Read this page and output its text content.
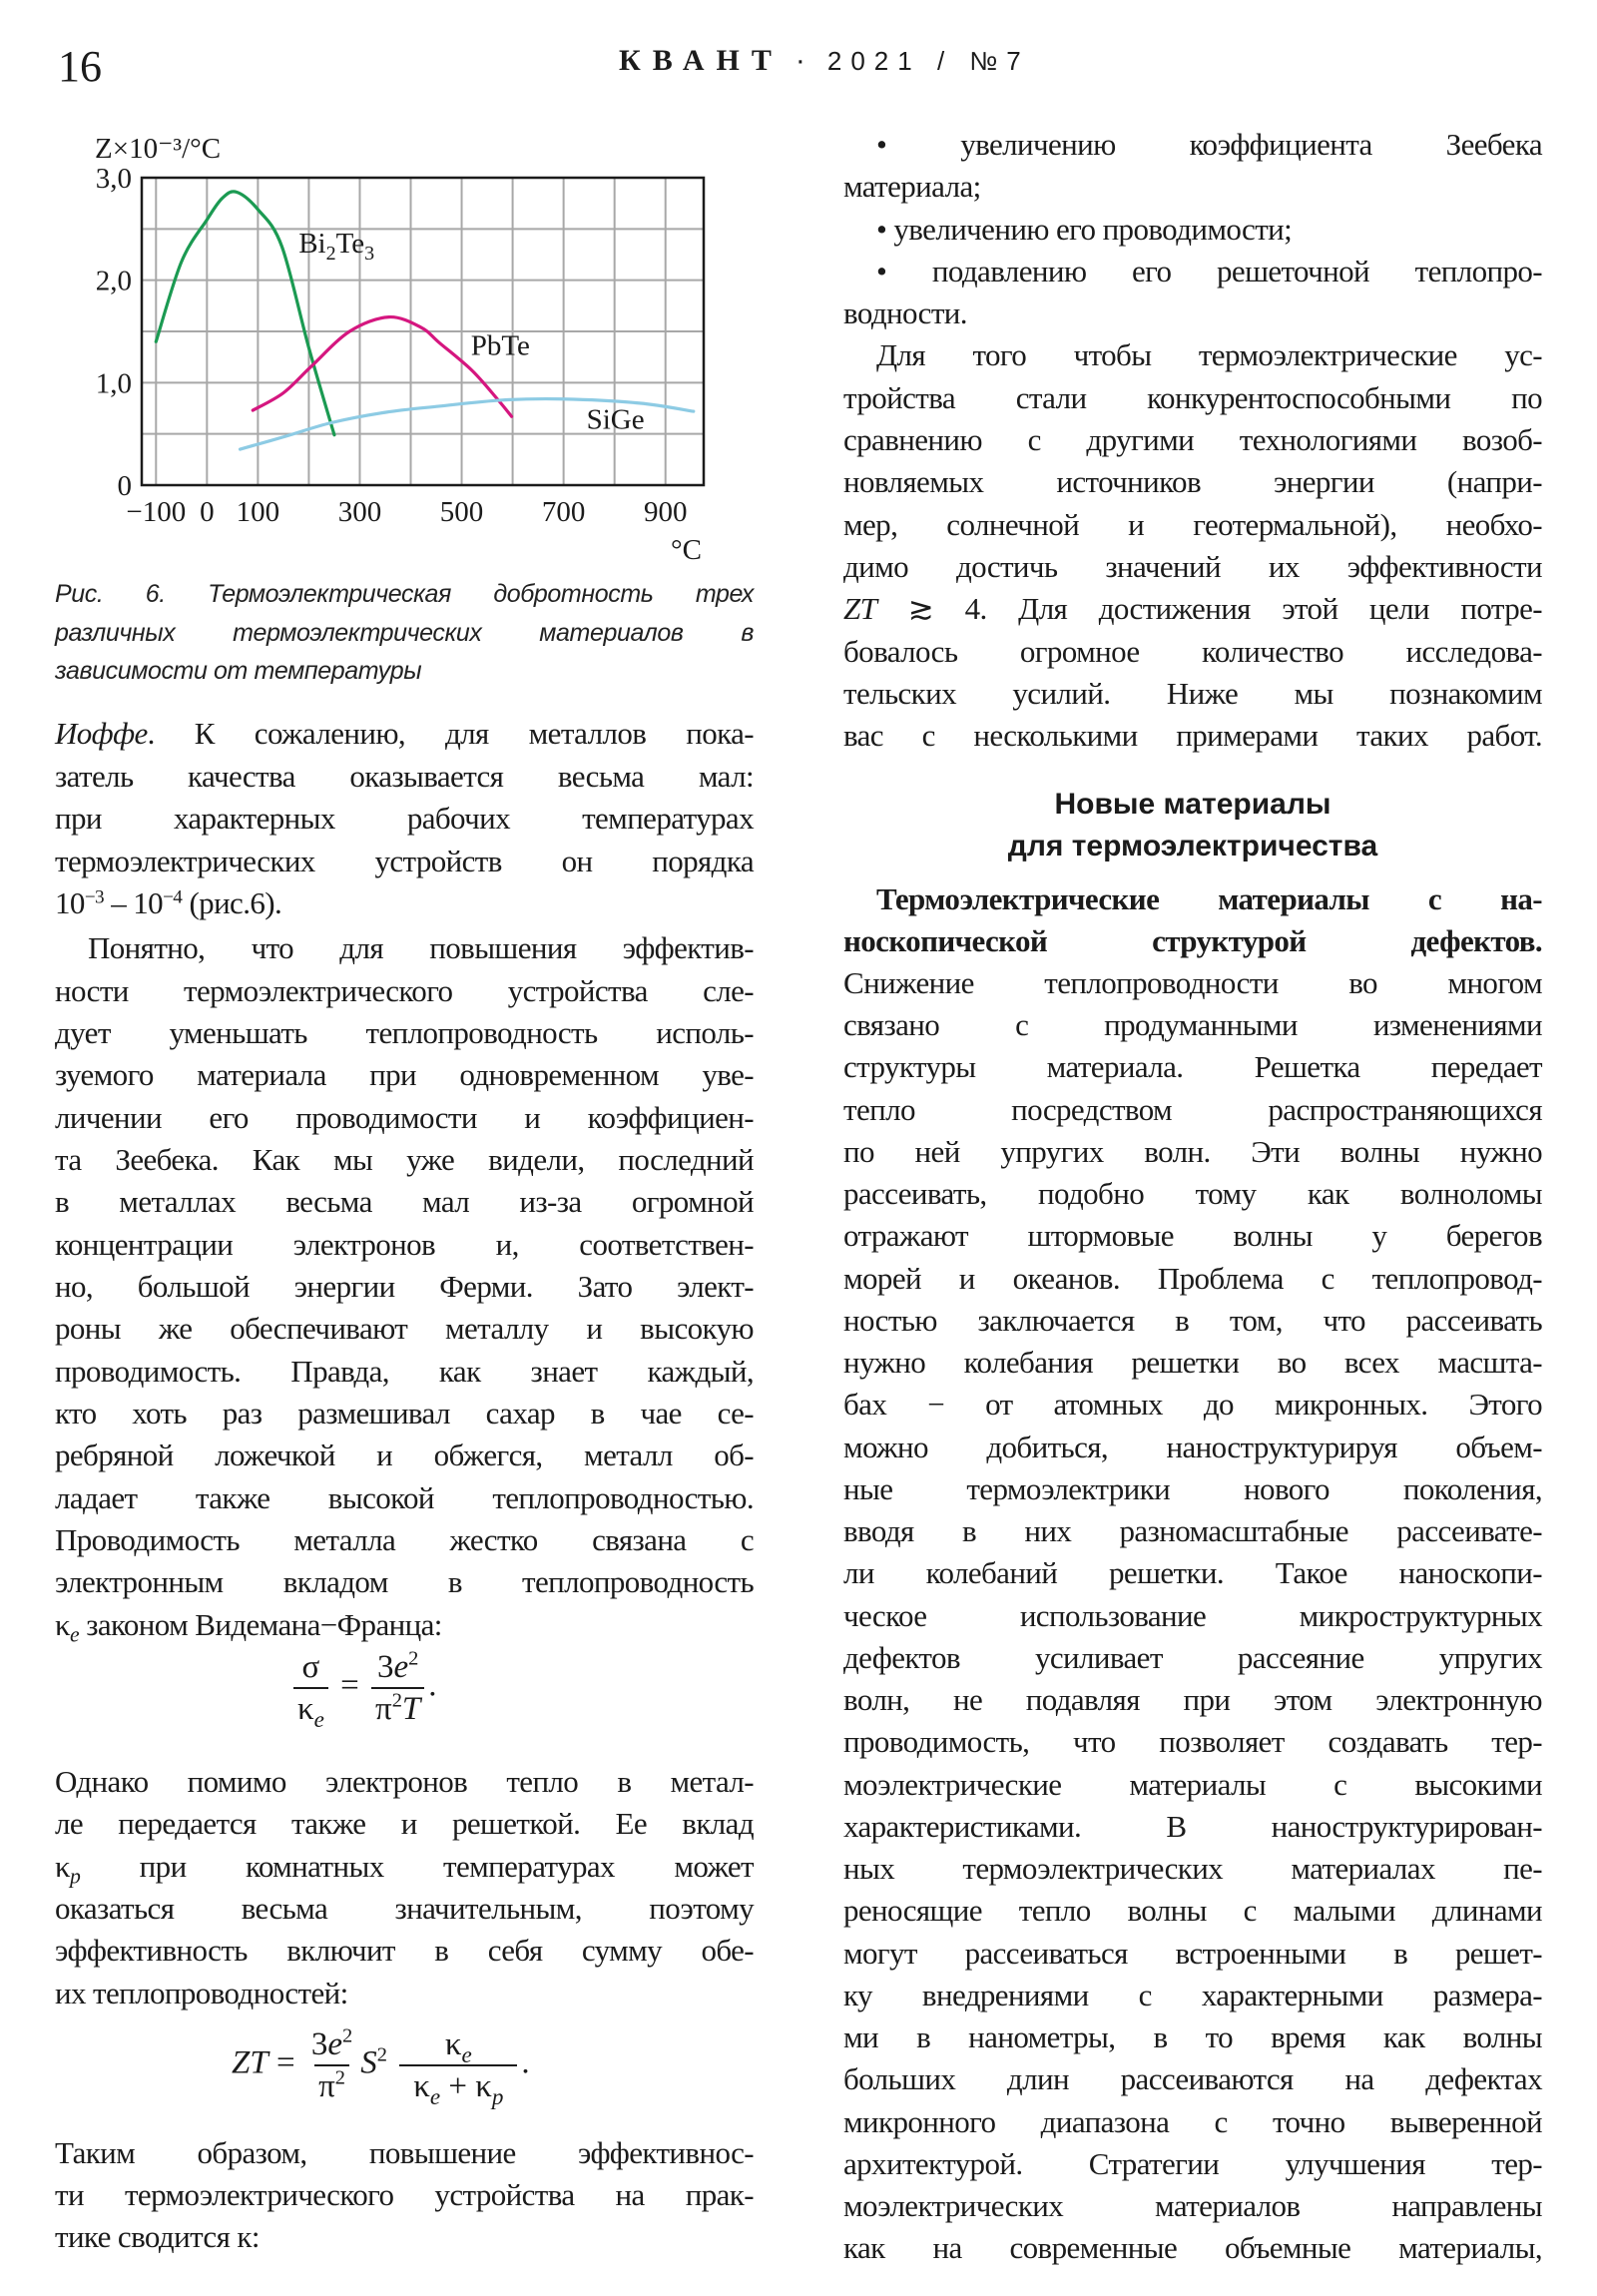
16	КВАНТ · 2021 / №7
$Bi_2Te_3$
PbTe
SiGe
−100 0 100 300 500 700 900
0
1,0
2,0
3,0
Z×10⁻³/°C
°C
Рис. 6. Термоэлектрическая добротность трех
различных термоэлектрических материалов в
зависимости от температуры
Иоффе. К сожалению, для металлов пока-
затель качества оказывается весьма мал:
при характерных рабочих температурах
термоэлектрических устройств он порядка
$10^{-3} - 10^{-4}$ (рис.6).
Понятно, что для повышения эффектив-
ности термоэлектрического устройства сле-
дует уменьшать теплопроводность исполь-
зуемого материала при одновременном уве-
личении его проводимости и коэффициен-
та Зеебека. Как мы уже видели, последний
в металлах весьма мал из-за огромной
концентрации электронов и, соответствен-
но, большой энергии Ферми. Зато элект-
роны же обеспечивают металлу и высокую
проводимость. Правда, как знает каждый,
кто хоть раз размешивал сахар в чае се-
ребряной ложечкой и обжегся, металл об-
ладает также высокой теплопроводностью.
Проводимость металла жестко связана с
электронным вкладом в теплопроводность
$\kappa_e$ законом Видемана−Франца:
Однако помимо электронов тепло в метал-
ле передается также и решеткой. Ее вклад
$\kappa_p$ при комнатных температурах может
оказаться весьма значительным, поэтому
эффективность включит в себя сумму обе-
их теплопроводностей:
Таким образом, повышение эффективнос-
ти термоэлектрического устройства на прак-
тике сводится к:
• увеличению коэффициента Зеебека
материала;
• увеличению его проводимости;
• подавлению его решеточной теплопро-
водности.
Для того чтобы термоэлектрические ус-
тройства стали конкурентоспособными по
сравнению с другими технологиями возоб-
новляемых источников энергии (напри-
мер, солнечной и геотермальной), необхо-
димо достичь значений их эффективности
ZT ≳ 4. Для достижения этой цели потре-
бовалось огромное количество исследова-
тельских усилий. Ниже мы познакомим
вас с несколькими примерами таких работ.
Новые материалы
для термоэлектричества
Термоэлектрические материалы с на-
носкопической структурой дефектов.
Снижение теплопроводности во многом
связано с продуманными изменениями
структуры материала. Решетка передает
тепло посредством распространяющихся
по ней упругих волн. Эти волны нужно
рассеивать, подобно тому как волноломы
отражают штормовые волны у берегов
морей и океанов. Проблема с теплопровод-
ностью заключается в том, что рассеивать
нужно колебания решетки во всех масшта-
бах − от атомных до микронных. Этого
можно добиться, наноструктурируя объем-
ные термоэлектрики нового поколения,
вводя в них разномасштабные рассеивате-
ли колебаний решетки. Такое наноскопи-
ческое использование микроструктурных
дефектов усиливает рассеяние упругих
волн, не подавляя при этом электронную
проводимость, что позволяет создавать тер-
моэлектрические материалы с высокими
характеристиками. В наноструктурирован-
ных термоэлектрических материалах пе-
реносящие тепло волны с малыми длинами
могут рассеиваться встроенными в решет-
ку внедрениями с характерными размера-
ми в нанометры, в то время как волны
больших длин рассеиваются на дефектах
микронного диапазона с точно выверенной
архитектурой. Стратегии улучшения тер-
моэлектрических материалов направлены
как на современные объемные материалы,
$\frac{\sigma}{\kappa_e} = \frac{3e^2}{\pi^2T}$ .
ZT = $\frac{3e^2}{\pi^2} S^2 \frac{\kappa_e}{\kappa_e + \kappa_p}$ .
